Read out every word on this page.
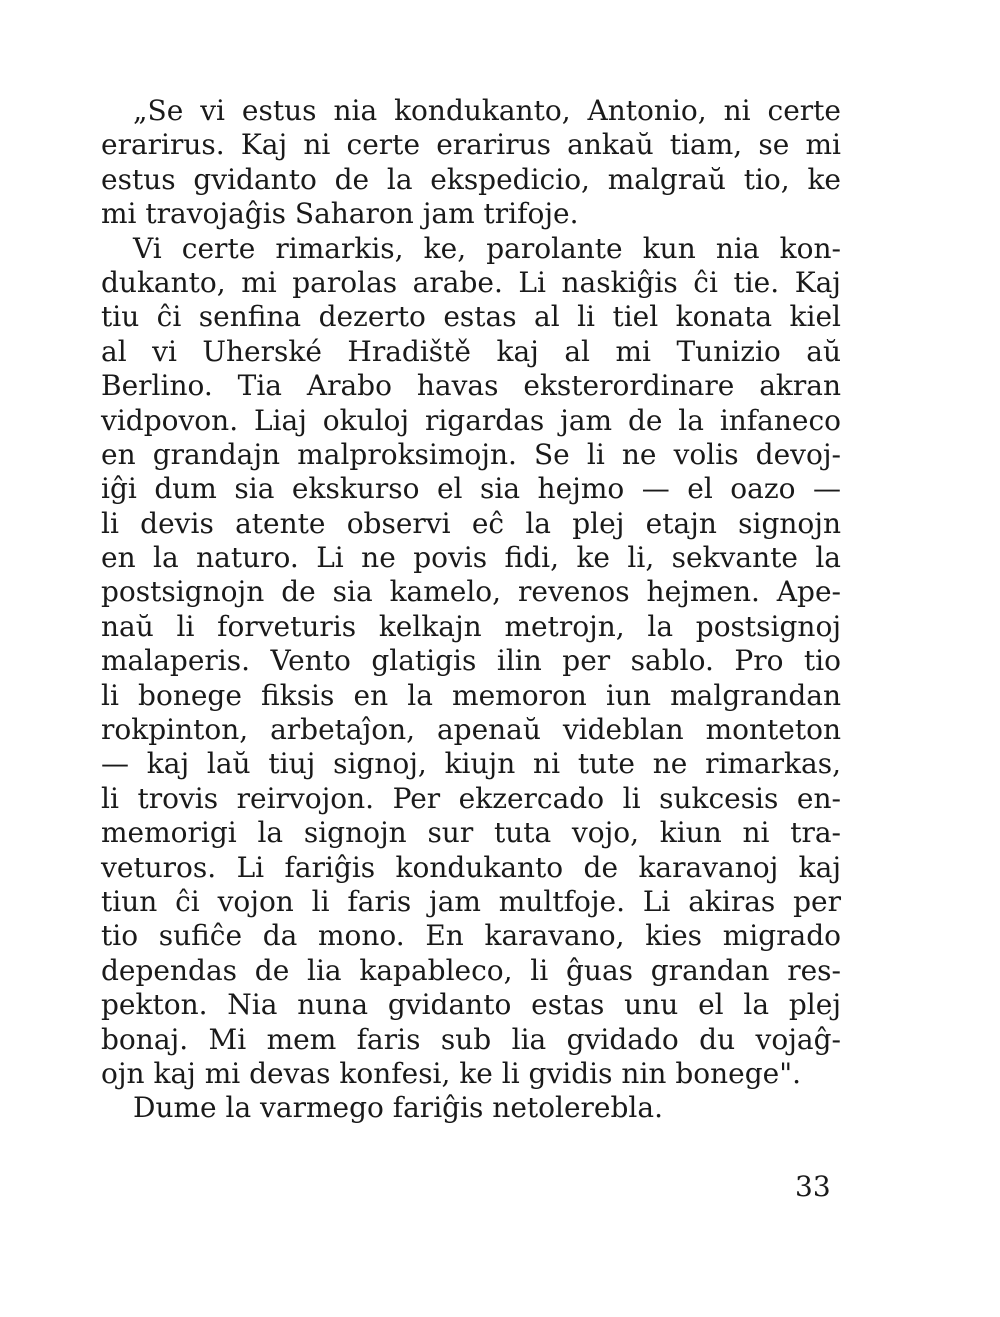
„Se vi estus nia kondukanto, Antonio, ni certe
erarirus. Kaj ni certe erarirus ankaŭ tiam, se mi
estus gvidanto de la ekspedicio, malgraŭ tio, ke
mi travojaĝis Saharon jam trifoje.
Vi certe rimarkis, ke, parolante kun nia kon-
dukanto, mi parolas arabe. Li naskiĝis ĉi tie. Kaj
tiu ĉi senfina dezerto estas al li tiel konata kiel
al vi Uherské Hradiště kaj al mi Tunizio aŭ
Berlino. Tia Arabo havas eksterordinare akran
vidpovon. Liaj okuloj rigardas jam de la infaneco
en grandajn malproksimojn. Se li ne volis devoj-
iĝi dum sia ekskurso el sia hejmo — el oazo —
li devis atente observi eĉ la plej etajn signojn
en la naturo. Li ne povis fidi, ke li, sekvante la
postsignojn de sia kamelo, revenos hejmen. Ape-
naŭ li forveturis kelkajn metrojn, la postsignoj
malaperis. Vento glatigis ilin per sablo. Pro tio
li bonege fiksis en la memoron iun malgrandan
rokpinton, arbetaĵon, apenaŭ videblan monteton
— kaj laŭ tiuj signoj, kiujn ni tute ne rimarkas,
li trovis reirvojon. Per ekzercado li sukcesis en-
memorigi la signojn sur tuta vojo, kiun ni tra-
veturos. Li fariĝis kondukanto de karavanoj kaj
tiun ĉi vojon li faris jam multfoje. Li akiras per
tio sufiĉe da mono. En karavano, kies migrado
dependas de lia kapableco, li ĝuas grandan res-
pekton. Nia nuna gvidanto estas unu el la plej
bonaj. Mi mem faris sub lia gvidado du vojaĝ-
ojn kaj mi devas konfesi, ke li gvidis nin bonege".
Dume la varmego fariĝis netolerebla.
33
